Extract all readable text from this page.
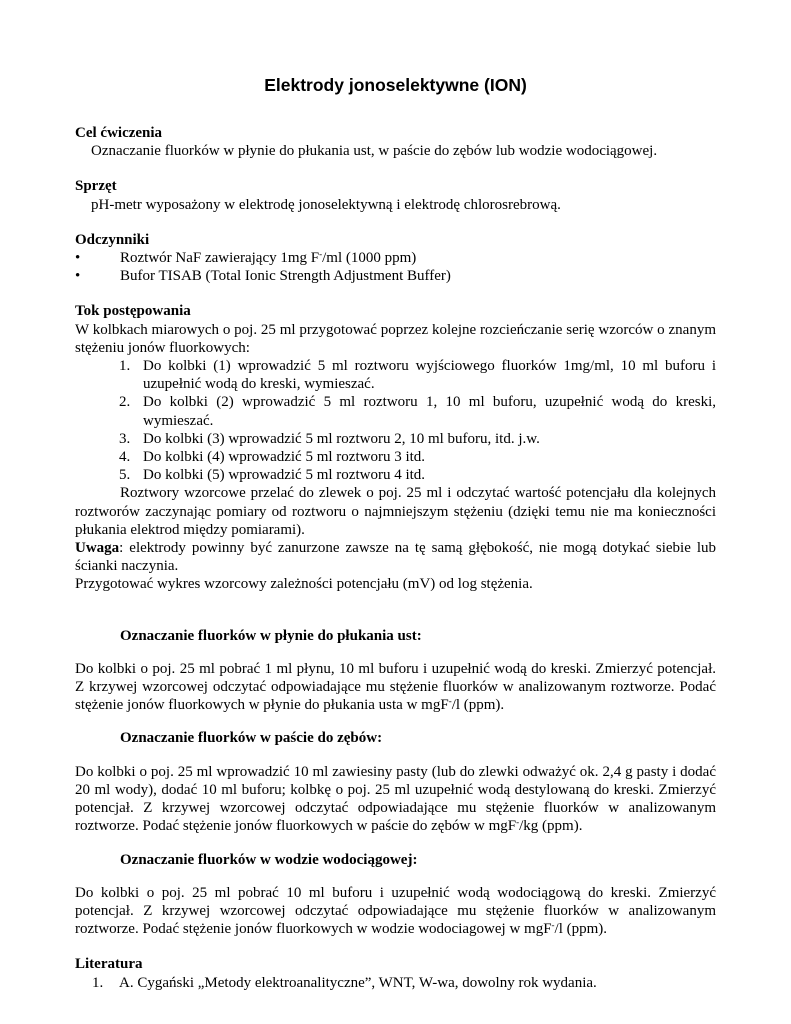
Elektrody jonoselektywne (ION)

Cel ćwiczenia

Oznaczanie fluorków w płynie do płukania ust, w paście do zębów lub wodzie wodociągowej.

Sprzęt

pH-metr wyposażony w elektrodę jonoselektywną i elektrodę chlorosrebrową.

Odczynniki

• Roztwór NaF zawierający 1mg F-/ml (1000 ppm)
• Bufor TISAB (Total Ionic Strength Adjustment Buffer)

Tok postępowania

W kolbkach miarowych o poj. 25 ml przygotować poprzez kolejne rozcieńczanie serię wzorców o znanym stężeniu jonów fluorkowych:

1. Do kolbki (1) wprowadzić 5 ml roztworu wyjściowego fluorków 1mg/ml, 10 ml buforu i uzupełnić wodą do kreski, wymieszać.
2. Do kolbki (2) wprowadzić 5 ml roztworu 1, 10 ml buforu, uzupełnić wodą do kreski, wymieszać.
3. Do kolbki (3) wprowadzić 5 ml roztworu 2, 10 ml buforu, itd. j.w.
4. Do kolbki (4) wprowadzić 5 ml roztworu 3 itd.
5. Do kolbki (5) wprowadzić 5 ml roztworu 4 itd.

Roztwory wzorcowe przelać do zlewek o poj. 25 ml i odczytać wartość potencjału dla kolejnych roztworów zaczynając pomiary od roztworu o najmniejszym stężeniu (dzięki temu nie ma konieczności płukania elektrod między pomiarami).

Uwaga: elektrody powinny być zanurzone zawsze na tę samą głębokość, nie mogą dotykać siebie lub ścianki naczynia.

Przygotować wykres wzorcowy zależności potencjału (mV) od log stężenia.

Oznaczanie fluorków w płynie do płukania ust:

Do kolbki o poj. 25 ml pobrać 1 ml płynu, 10 ml buforu i uzupełnić wodą do kreski. Zmierzyć potencjał. Z krzywej wzorcowej odczytać odpowiadające mu stężenie fluorków w analizowanym roztworze. Podać stężenie jonów fluorkowych w płynie do płukania usta w mgF-/l (ppm).

Oznaczanie fluorków w paście do zębów:

Do kolbki o poj. 25 ml wprowadzić 10 ml zawiesiny pasty (lub do zlewki odważyć ok. 2,4 g pasty i dodać 20 ml wody), dodać 10 ml buforu; kolbkę o poj. 25 ml uzupełnić wodą destylowaną do kreski. Zmierzyć potencjał. Z krzywej wzorcowej odczytać odpowiadające mu stężenie fluorków w analizowanym roztworze. Podać stężenie jonów fluorkowych w paście do zębów w mgF-/kg (ppm).

Oznaczanie fluorków w wodzie wodociągowej:

Do kolbki o poj. 25 ml pobrać 10 ml buforu i uzupełnić wodą wodociągową do kreski. Zmierzyć potencjał. Z krzywej wzorcowej odczytać odpowiadające mu stężenie fluorków w analizowanym roztworze. Podać stężenie jonów fluorkowych w wodzie wodociagowej w mgF-/l (ppm).

Literatura

1. A. Cygański „Metody elektroanalityczne”, WNT, W-wa, dowolny rok wydania.
